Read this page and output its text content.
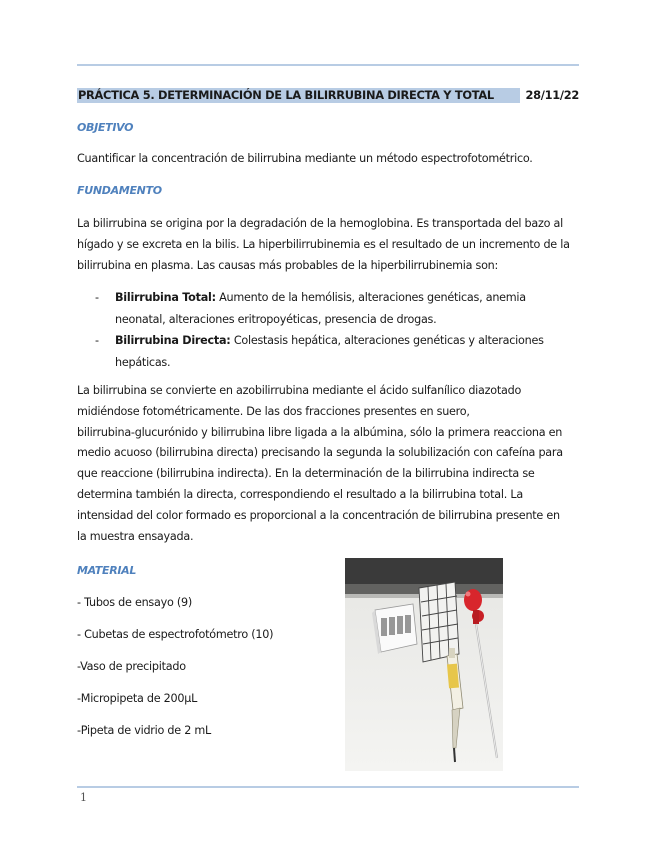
PRÁCTICA 5. DETERMINACIÓN DE LA BILIRRUBINA DIRECTA Y TOTAL	28/11/22
OBJETIVO

Cuantificar la concentración de bilirrubina mediante un método espectrofotométrico.

FUNDAMENTO
La bilirrubina se origina por la degradación de la hemoglobina. Es transportada del bazo al
hígado y se excreta en la bilis. La hiperbilirrubinemia es el resultado de un incremento de la
bilirrubina en plasma. Las causas más probables de la hiperbilirrubinemia son:
- Bilirrubina Total: Aumento de la hemólisis, alteraciones genéticas, anemia
neonatal, alteraciones eritropoyéticas, presencia de drogas.
- Bilirrubina Directa: Colestasis hepática, alteraciones genéticas y alteraciones
hepáticas.
La bilirrubina se convierte en azobilirrubina mediante el ácido sulfanílico diazotado
midiéndose fotométricamente. De las dos fracciones presentes en suero,
bilirrubina-glucurónido y bilirrubina libre ligada a la albúmina, sólo la primera reacciona en
medio acuoso (bilirrubina directa) precisando la segunda la solubilización con cafeína para
que reaccione (bilirrubina indirecta). En la determinación de la bilirrubina indirecta se
determina también la directa, correspondiendo el resultado a la bilirrubina total. La
intensidad del color formado es proporcional a la concentración de bilirrubina presente en
la muestra ensayada.
MATERIAL
- Tubos de ensayo (9)
- Cubetas de espectrofotómetro (10)
-Vaso de precipitado
-Micropipeta de 200µL
-Pipeta de vidrio de 2 mL
1
